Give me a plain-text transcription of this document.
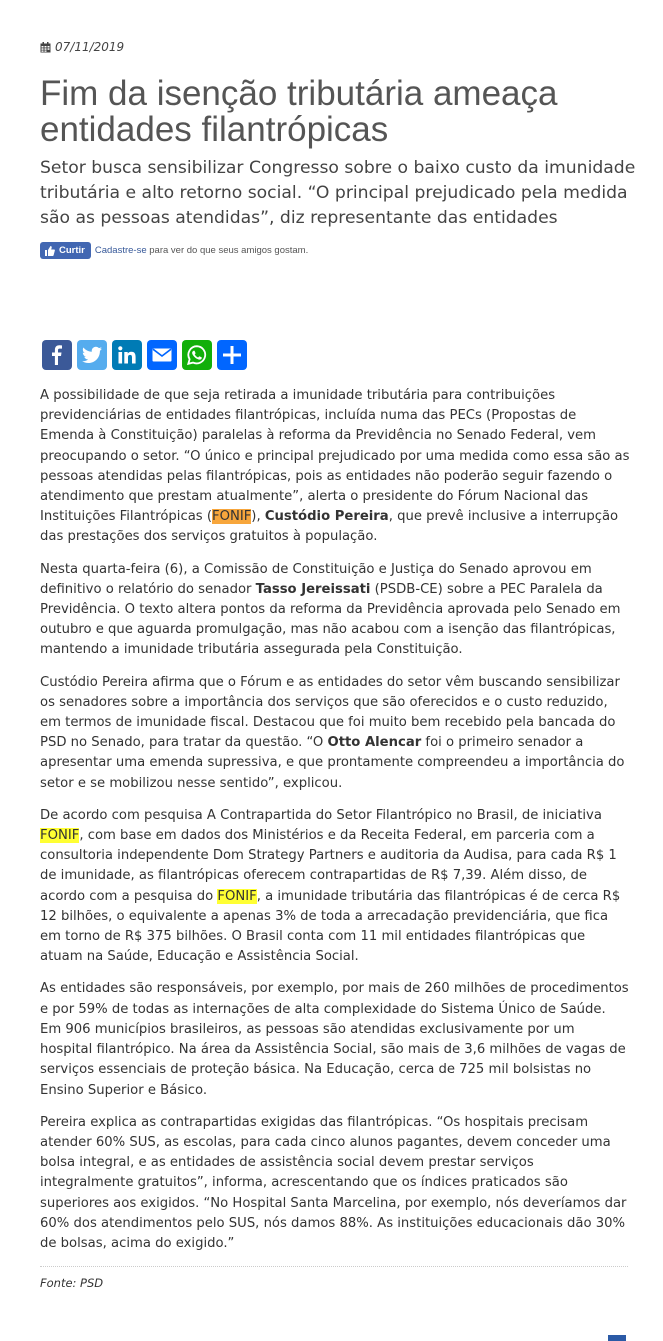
07/11/2019
Fim da isenção tributária ameaça entidades filantrópicas

Setor busca sensibilizar Congresso sobre o baixo custo da imunidade tributária e alto retorno social. “O principal prejudicado pela medida são as pessoas atendidas”, diz representante das entidades

Curtir Cadastre-se para ver do que seus amigos gostam.

A possibilidade de que seja retirada a imunidade tributária para contribuições previdenciárias de entidades filantrópicas, incluída numa das PECs (Propostas de Emenda à Constituição) paralelas à reforma da Previdência no Senado Federal, vem preocupando o setor. “O único e principal prejudicado por uma medida como essa são as pessoas atendidas pelas filantrópicas, pois as entidades não poderão seguir fazendo o atendimento que prestam atualmente”, alerta o presidente do Fórum Nacional das Instituições Filantrópicas (FONIF), Custódio Pereira, que prevê inclusive a interrupção das prestações dos serviços gratuitos à população.

Nesta quarta-feira (6), a Comissão de Constituição e Justiça do Senado aprovou em definitivo o relatório do senador Tasso Jereissati (PSDB-CE) sobre a PEC Paralela da Previdência. O texto altera pontos da reforma da Previdência aprovada pelo Senado em outubro e que aguarda promulgação, mas não acabou com a isenção das filantrópicas, mantendo a imunidade tributária assegurada pela Constituição.

Custódio Pereira afirma que o Fórum e as entidades do setor vêm buscando sensibilizar os senadores sobre a importância dos serviços que são oferecidos e o custo reduzido, em termos de imunidade fiscal. Destacou que foi muito bem recebido pela bancada do PSD no Senado, para tratar da questão. “O Otto Alencar foi o primeiro senador a apresentar uma emenda supressiva, e que prontamente compreendeu a importância do setor e se mobilizou nesse sentido”, explicou.

De acordo com pesquisa A Contrapartida do Setor Filantrópico no Brasil, de iniciativa FONIF, com base em dados dos Ministérios e da Receita Federal, em parceria com a consultoria independente Dom Strategy Partners e auditoria da Audisa, para cada R$ 1 de imunidade, as filantrópicas oferecem contrapartidas de R$ 7,39. Além disso, de acordo com a pesquisa do FONIF, a imunidade tributária das filantrópicas é de cerca R$ 12 bilhões, o equivalente a apenas 3% de toda a arrecadação previdenciária, que fica em torno de R$ 375 bilhões. O Brasil conta com 11 mil entidades filantrópicas que atuam na Saúde, Educação e Assistência Social.

As entidades são responsáveis, por exemplo, por mais de 260 milhões de procedimentos e por 59% de todas as internações de alta complexidade do Sistema Único de Saúde. Em 906 municípios brasileiros, as pessoas são atendidas exclusivamente por um hospital filantrópico. Na área da Assistência Social, são mais de 3,6 milhões de vagas de serviços essenciais de proteção básica. Na Educação, cerca de 725 mil bolsistas no Ensino Superior e Básico.

Pereira explica as contrapartidas exigidas das filantrópicas. “Os hospitais precisam atender 60% SUS, as escolas, para cada cinco alunos pagantes, devem conceder uma bolsa integral, e as entidades de assistência social devem prestar serviços integralmente gratuitos”, informa, acrescentando que os índices praticados são superiores aos exigidos. “No Hospital Santa Marcelina, por exemplo, nós deveríamos dar 60% dos atendimentos pelo SUS, nós damos 88%. As instituições educacionais dão 30% de bolsas, acima do exigido.”

Fonte: PSD
